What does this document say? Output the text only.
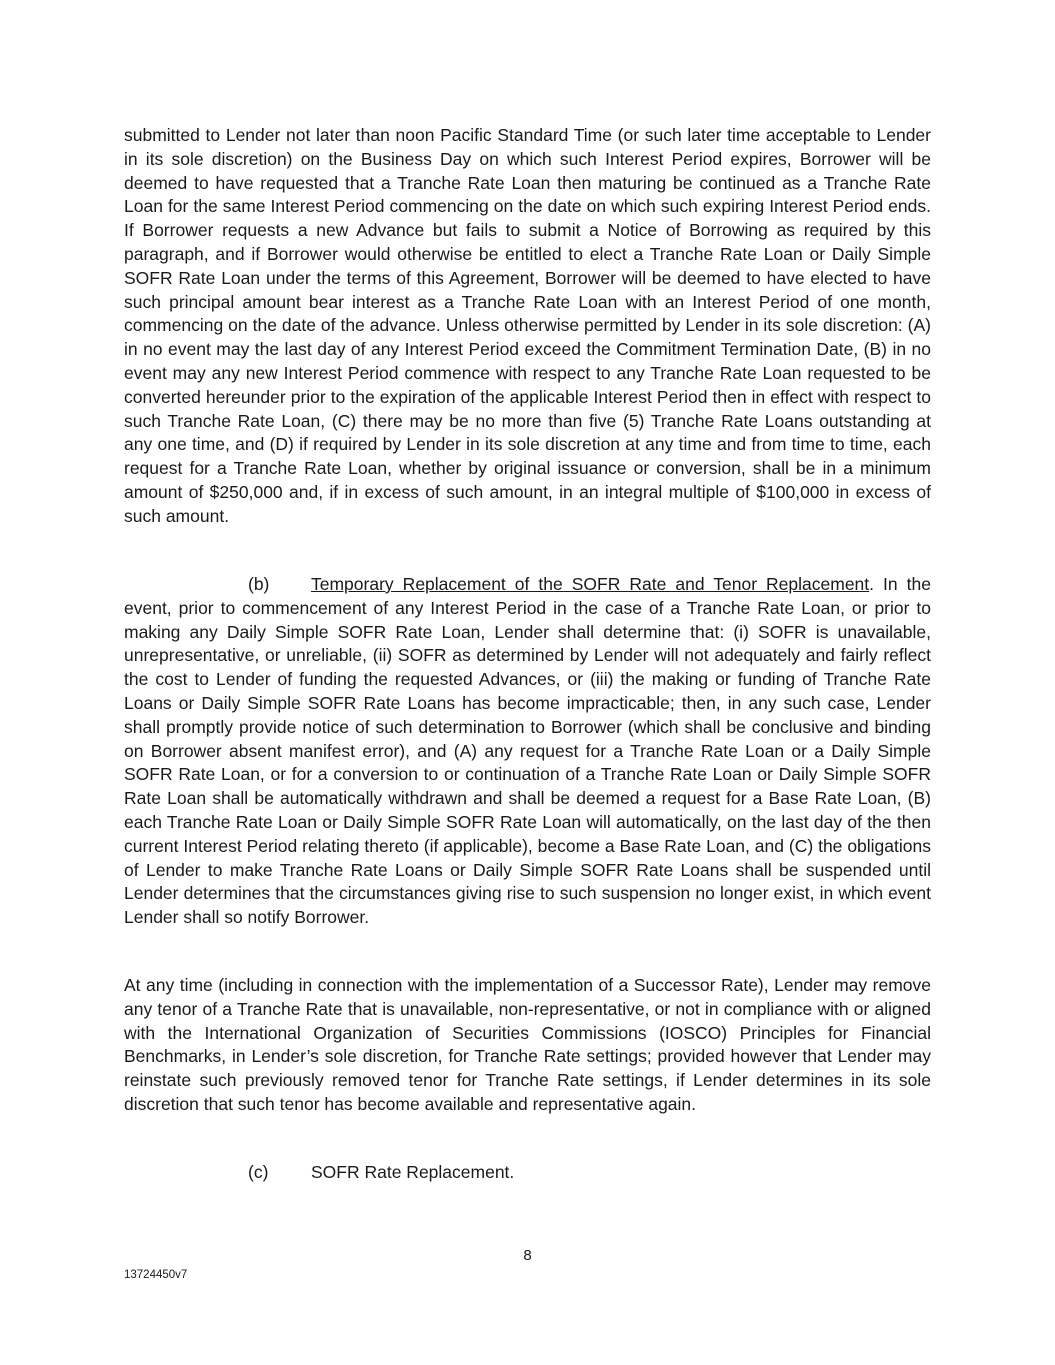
submitted to Lender not later than noon Pacific Standard Time (or such later time acceptable to Lender in its sole discretion) on the Business Day on which such Interest Period expires, Borrower will be deemed to have requested that a Tranche Rate Loan then maturing be continued as a Tranche Rate Loan for the same Interest Period commencing on the date on which such expiring Interest Period ends. If Borrower requests a new Advance but fails to submit a Notice of Borrowing as required by this paragraph, and if Borrower would otherwise be entitled to elect a Tranche Rate Loan or Daily Simple SOFR Rate Loan under the terms of this Agreement, Borrower will be deemed to have elected to have such principal amount bear interest as a Tranche Rate Loan with an Interest Period of one month, commencing on the date of the advance. Unless otherwise permitted by Lender in its sole discretion: (A) in no event may the last day of any Interest Period exceed the Commitment Termination Date, (B) in no event may any new Interest Period commence with respect to any Tranche Rate Loan requested to be converted hereunder prior to the expiration of the applicable Interest Period then in effect with respect to such Tranche Rate Loan, (C) there may be no more than five (5) Tranche Rate Loans outstanding at any one time, and (D) if required by Lender in its sole discretion at any time and from time to time, each request for a Tranche Rate Loan, whether by original issuance or conversion, shall be in a minimum amount of $250,000 and, if in excess of such amount, in an integral multiple of $100,000 in excess of such amount.

(b) Temporary Replacement of the SOFR Rate and Tenor Replacement. In the event, prior to commencement of any Interest Period in the case of a Tranche Rate Loan, or prior to making any Daily Simple SOFR Rate Loan, Lender shall determine that: (i) SOFR is unavailable, unrepresentative, or unreliable, (ii) SOFR as determined by Lender will not adequately and fairly reflect the cost to Lender of funding the requested Advances, or (iii) the making or funding of Tranche Rate Loans or Daily Simple SOFR Rate Loans has become impracticable; then, in any such case, Lender shall promptly provide notice of such determination to Borrower (which shall be conclusive and binding on Borrower absent manifest error), and (A) any request for a Tranche Rate Loan or a Daily Simple SOFR Rate Loan, or for a conversion to or continuation of a Tranche Rate Loan or Daily Simple SOFR Rate Loan shall be automatically withdrawn and shall be deemed a request for a Base Rate Loan, (B) each Tranche Rate Loan or Daily Simple SOFR Rate Loan will automatically, on the last day of the then current Interest Period relating thereto (if applicable), become a Base Rate Loan, and (C) the obligations of Lender to make Tranche Rate Loans or Daily Simple SOFR Rate Loans shall be suspended until Lender determines that the circumstances giving rise to such suspension no longer exist, in which event Lender shall so notify Borrower.

At any time (including in connection with the implementation of a Successor Rate), Lender may remove any tenor of a Tranche Rate that is unavailable, non-representative, or not in compliance with or aligned with the International Organization of Securities Commissions (IOSCO) Principles for Financial Benchmarks, in Lender’s sole discretion, for Tranche Rate settings; provided however that Lender may reinstate such previously removed tenor for Tranche Rate settings, if Lender determines in its sole discretion that such tenor has become available and representative again.

(c) SOFR Rate Replacement.

8
13724450v7
